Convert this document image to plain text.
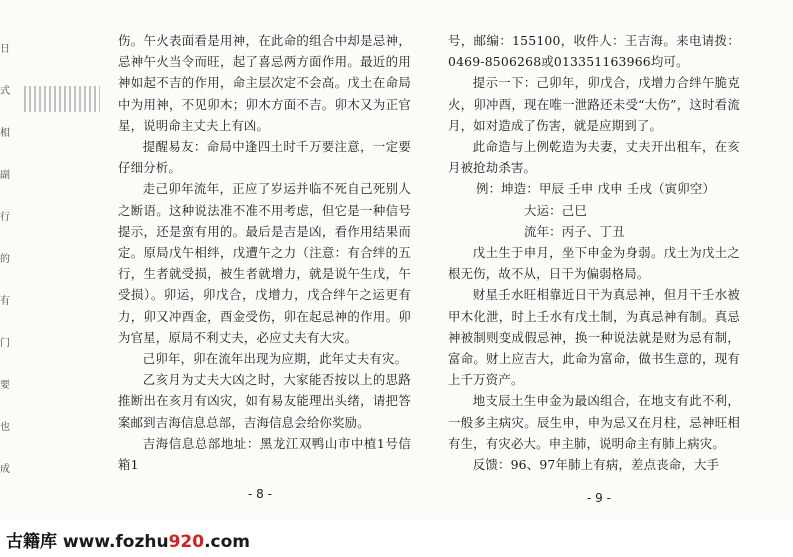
日
式
相
副
行
的
有
门
要
也
成

伤。午火表面看是用神，在此命的组合中却是忌神，忌神午火当令而旺，起了喜忌两方面作用。最近的用神如起不吉的作用，命主层次定不会高。戊土在命局中为用神，不见卯木；卯木方面不吉。卯木又为正官星，说明命主丈夫上有凶。

提醒易友：命局中逢四土时千万要注意，一定要仔细分析。

走己卯年流年，正应了岁运并临不死自己死别人之断语。这种说法准不准不用考虑，但它是一种信号提示，还是蛮有用的。最后是吉是凶，看作用结果而定。原局戊午相绊，戊遭午之力（注意：有合绊的五行，生者就受损，被生者就增力，就是说午生戊，午受损）。卯运，卯戊合，戊增力，戊合绊午之运更有力，卯又冲酉金，酉金受伤，卯在起忌神的作用。卯为官星，原局不利丈夫，必应丈夫有大灾。

己卯年，卯在流年出现为应期，此年丈夫有灾。

乙亥月为丈夫大凶之时，大家能否按以上的思路推断出在亥月有凶灾，如有易友能理出头绪，请把答案邮到吉海信息总部，吉海信息会给你奖励。

吉海信息总部地址：黑龙江双鸭山市中植1号信箱1

- 8 -

号，邮编：155100，收件人：王吉海。来电请拨：0469-8506268或013351163966均可。

提示一下：己卯年，卯戊合，戊增力合绊午脆克火，卯冲酉，现在唯一泄路还未受“大伤”，这时看流月，如对造成了伤害，就是应期到了。

此命造与上例乾造为夫妻，丈夫开出租车，在亥月被抢劫杀害。

例：坤造：甲辰 壬申 戊申 壬戌（寅卯空）

大运：己巳

流年：丙子、丁丑

戊土生于申月，坐下申金为身弱。戊土为戊土之根无伤，故不从，日干为偏弱格局。

财星壬水旺相靠近日干为真忌神，但月干壬水被甲木化泄，时上壬水有戊土制，为真忌神有制。真忌神被制则变成假忌神，换一种说法就是财为忌有制，富命。财上应吉大，此命为富命，做书生意的，现有上千万资产。

地支辰土生申金为最凶组合，在地支有此不利，一般多主病灾。辰生申，申为忌又在月柱，忌神旺相有生，有灾必大。申主肺，说明命主有肺上病灾。

反馈：96、97年肺上有病，差点丧命，大手

- 9 -
古籍库 www.fozhu920.com
